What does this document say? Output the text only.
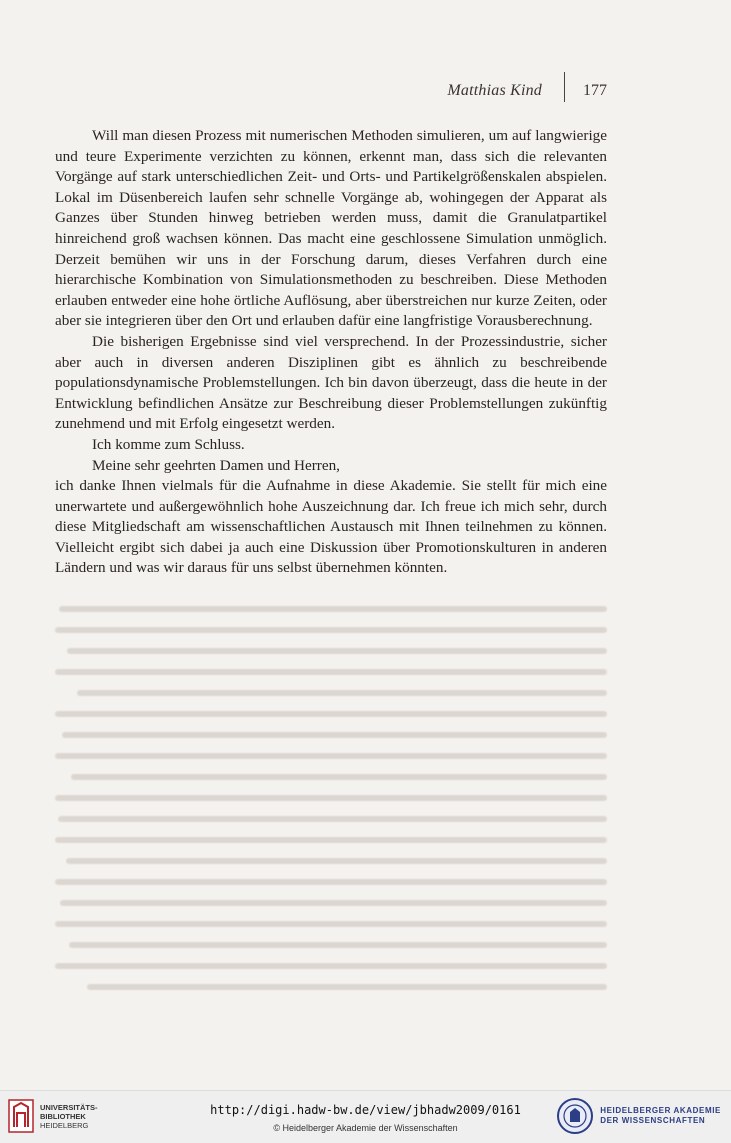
Matthias Kind	177

Will man diesen Prozess mit numerischen Methoden simulieren, um auf langwierige und teure Experimente verzichten zu können, erkennt man, dass sich die relevanten Vorgänge auf stark unterschiedlichen Zeit- und Orts- und Partikelgrößenskalen abspielen. Lokal im Düsenbereich laufen sehr schnelle Vorgänge ab, wohingegen der Apparat als Ganzes über Stunden hinweg betrieben werden muss, damit die Granulatpartikel hinreichend groß wachsen können. Das macht eine geschlossene Simulation unmöglich. Derzeit bemühen wir uns in der Forschung darum, dieses Verfahren durch eine hierarchische Kombination von Simulationsmethoden zu beschreiben. Diese Methoden erlauben entweder eine hohe örtliche Auflösung, aber überstreichen nur kurze Zeiten, oder aber sie integrieren über den Ort und erlauben dafür eine langfristige Vorausberechnung.

Die bisherigen Ergebnisse sind viel versprechend. In der Prozessindustrie, sicher aber auch in diversen anderen Disziplinen gibt es ähnlich zu beschreibende populationsdynamische Problemstellungen. Ich bin davon überzeugt, dass die heute in der Entwicklung befindlichen Ansätze zur Beschreibung dieser Problemstellungen zukünftig zunehmend und mit Erfolg eingesetzt werden.

Ich komme zum Schluss.

Meine sehr geehrten Damen und Herren,

ich danke Ihnen vielmals für die Aufnahme in diese Akademie. Sie stellt für mich eine unerwartete und außergewöhnlich hohe Auszeichnung dar. Ich freue ich mich sehr, durch diese Mitgliedschaft am wissenschaftlichen Austausch mit Ihnen teilnehmen zu können. Vielleicht ergibt sich dabei ja auch eine Diskussion über Promotionskulturen in anderen Ländern und was wir daraus für uns selbst übernehmen könnten.

UNIVERSITÄTS-
BIBLIOTHEK
HEIDELBERG
http://digi.hadw-bw.de/view/jbhadw2009/0161
© Heidelberger Akademie der Wissenschaften
HEIDELBERGER AKADEMIE
DER WISSENSCHAFTEN
